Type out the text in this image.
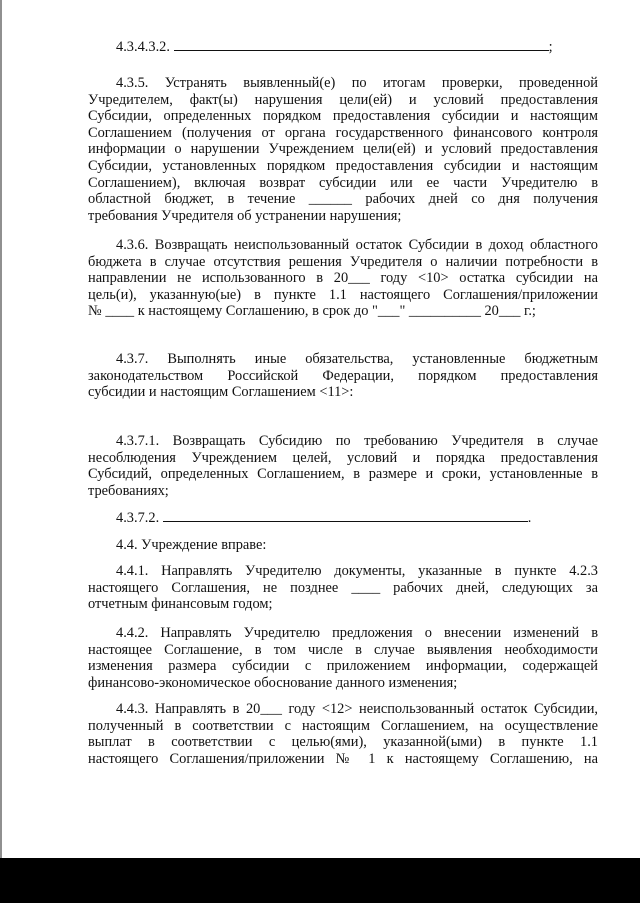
4.3.4.3.2.	;
4.3.5. Устранять выявленный(е) по итогам проверки, проведенной
Учредителем, факт(ы) нарушения цели(ей) и условий предоставления
Субсидии, определенных порядком предоставления субсидии и настоящим
Соглашением (получения от органа государственного финансового контроля
информации о нарушении Учреждением цели(ей) и условий предоставления
Субсидии, установленных порядком предоставления субсидии и настоящим
Соглашением), включая возврат субсидии или ее части Учредителю в
областной бюджет, в течение ______ рабочих дней со дня получения
требования Учредителя об устранении нарушения;
4.3.6. Возвращать неиспользованный остаток Субсидии в доход областного
бюджета в случае отсутствия решения Учредителя о наличии потребности в
направлении не использованного в 20___ году <10> остатка субсидии на
цель(и), указанную(ые) в пункте 1.1 настоящего Соглашения/приложении
№ ____ к настоящему Соглашению, в срок до "___" __________ 20___ г.;
4.3.7. Выполнять иные обязательства, установленные бюджетным
законодательством Российской Федерации, порядком предоставления
субсидии и настоящим Соглашением <11>:
4.3.7.1. Возвращать Субсидию по требованию Учредителя в случае
несоблюдения Учреждением целей, условий и порядка предоставления
Субсидий, определенных Соглашением, в размере и сроки, установленные в
требованиях;
4.3.7.2.	.
4.4. Учреждение вправе:
4.4.1. Направлять Учредителю документы, указанные в пункте 4.2.3
настоящего Соглашения, не позднее ____ рабочих дней, следующих за
отчетным финансовым годом;
4.4.2. Направлять Учредителю предложения о внесении изменений в
настоящее Соглашение, в том числе в случае выявления необходимости
изменения размера субсидии с приложением информации, содержащей
финансово-экономическое обоснование данного изменения;
4.4.3. Направлять в 20___ году <12> неиспользованный остаток Субсидии,
полученный в соответствии с настоящим Соглашением, на осуществление
выплат в соответствии с целью(ями), указанной(ыми) в пункте 1.1
настоящего Соглашения/приложении № 1 к настоящему Соглашению, на
